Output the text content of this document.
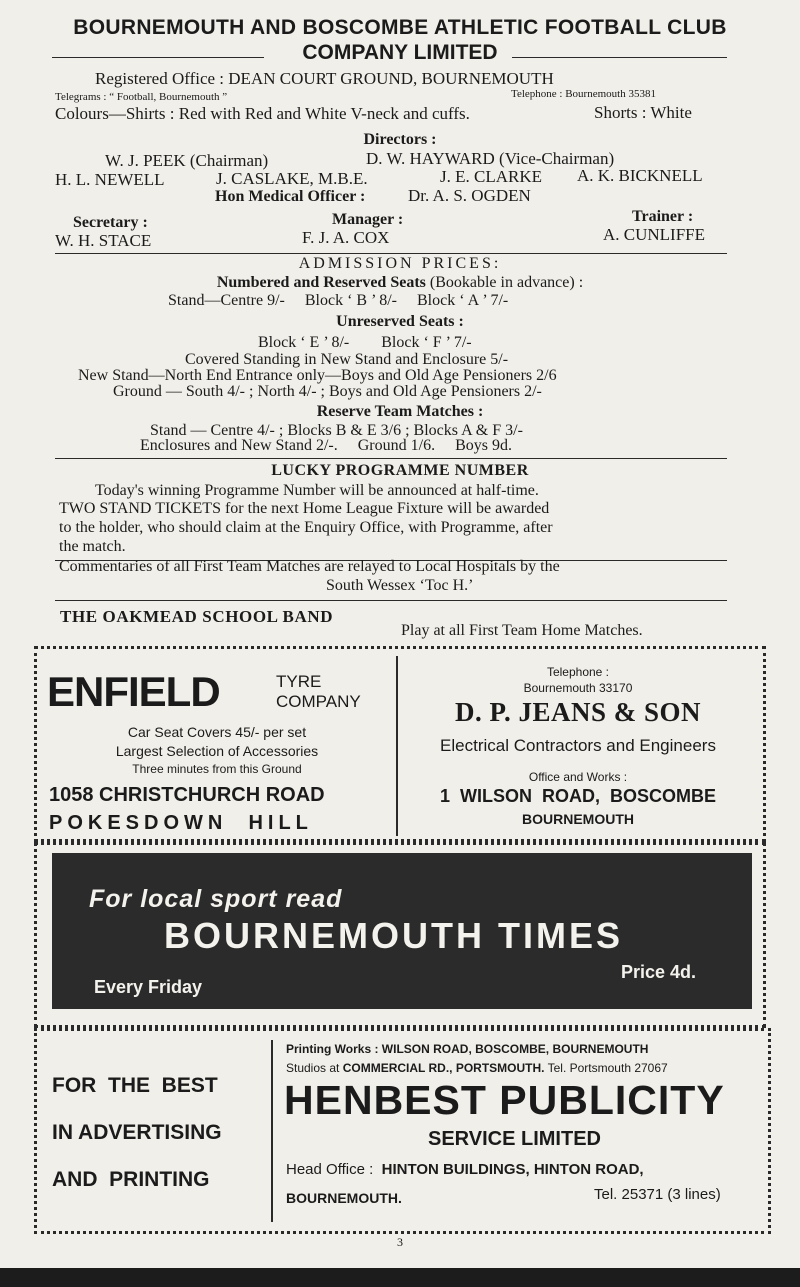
BOURNEMOUTH AND BOSCOMBE ATHLETIC FOOTBALL CLUB
COMPANY LIMITED
Registered Office : DEAN COURT GROUND, BOURNEMOUTH
Telegrams : “ Football, Bournemouth ”	Telephone : Bournemouth 35381
Colours—Shirts : Red with Red and White V-neck and cuffs.	Shorts : White
Directors :
W. J. PEEK (Chairman)	D. W. HAYWARD (Vice-Chairman)
H. L. NEWELL	J. CASLAKE, M.B.E.	J. E. CLARKE A. K. BICKNELL
Hon Medical Officer :	Dr. A. S. OGDEN
Secretary :
W. H. STACE
Manager :
F. J. A. COX
Trainer :
A. CUNLIFFE
ADMISSION PRICES:
Numbered and Reserved Seats (Bookable in advance) :
Stand—Centre 9/-     Block ‘ B ’ 8/-     Block ‘ A ’ 7/-
Unreserved Seats :
Block ‘ E ’ 8/-        Block ‘ F ’ 7/-
Covered Standing in New Stand and Enclosure 5/-
New Stand—North End Entrance only—Boys and Old Age Pensioners 2/6
Ground — South 4/- ; North 4/- ; Boys and Old Age Pensioners 2/-
Reserve Team Matches :
Stand — Centre 4/- ; Blocks B & E 3/6 ; Blocks A & F 3/-
Enclosures and New Stand 2/-.     Ground 1/6.     Boys 9d.
LUCKY PROGRAMME NUMBER
Today's winning Programme Number will be announced at half-time.
TWO STAND TICKETS for the next Home League Fixture will be awarded
to the holder, who should claim at the Enquiry Office, with Programme, after
the match.
Commentaries of all First Team Matches are relayed to Local Hospitals by the
South Wessex ‘Toc H.’
THE OAKMEAD SCHOOL BAND
Play at all First Team Home Matches.
ENFIELD	TYRE
COMPANY
Car Seat Covers 45/- per set
Largest Selection of Accessories
Three minutes from this Ground
1058 CHRISTCHURCH ROAD
POKESDOWN  HILL
Telephone :
Bournemouth 33170
D. P. JEANS & SON
Electrical Contractors and Engineers
Office and Works :
1  WILSON  ROAD,  BOSCOMBE
BOURNEMOUTH
For local sport read
BOURNEMOUTH TIMES
Every Friday
Price 4d.
FOR  THE  BEST
IN ADVERTISING
AND  PRINTING
Printing Works : WILSON ROAD, BOSCOMBE, BOURNEMOUTH
Studios at COMMERCIAL RD., PORTSMOUTH. Tel. Portsmouth 27067
HENBEST PUBLICITY
SERVICE LIMITED
Head Office : HINTON BUILDINGS, HINTON ROAD,
BOURNEMOUTH.	Tel. 25371 (3 lines)
3
